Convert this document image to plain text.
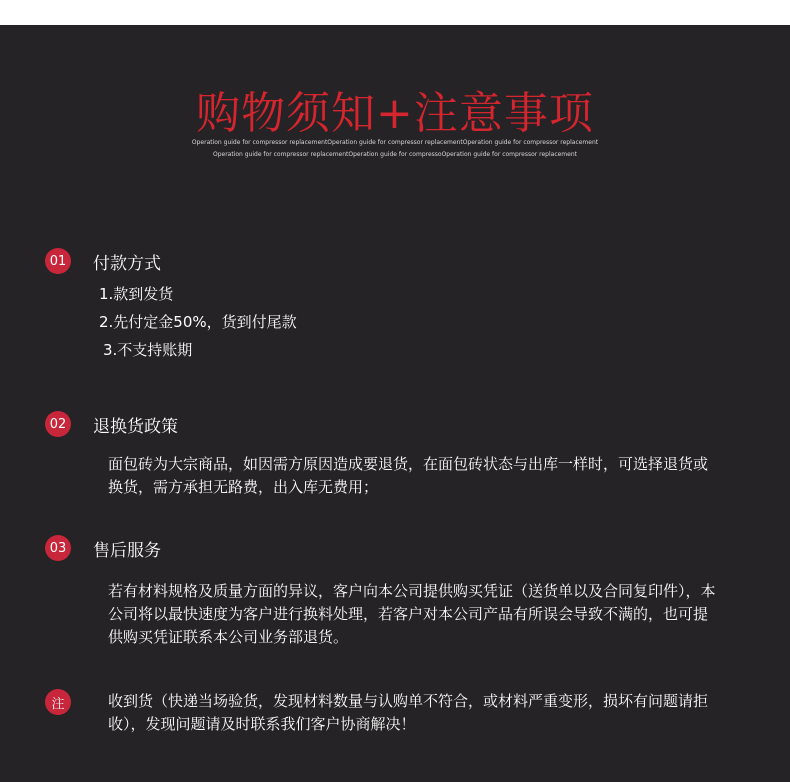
购物须知+注意事项
Operation guide for compressor replacementOperation guide for compressor replacementOperation guide for compressor replacement
Operation guide for compressor replacementOperation guide for compressoOperation guide for compressor replacement
01 付款方式
1.款到发货
2.先付定金50%，货到付尾款
3.不支持账期
02 退换货政策
面包砖为大宗商品，如因需方原因造成要退货，在面包砖状态与出库一样时，可选择退货或换货，需方承担无路费，出入库无费用；
03 售后服务
若有材料规格及质量方面的异议，客户向本公司提供购买凭证（送货单以及合同复印件），本公司将以最快速度为客户进行换料处理，若客户对本公司产品有所误会导致不满的，也可提供购买凭证联系本公司业务部退货。
注	收到货（快递当场验货，发现材料数量与认购单不符合，或材料严重变形，损坏有问题请拒收），发现问题请及时联系我们客户协商解决！
